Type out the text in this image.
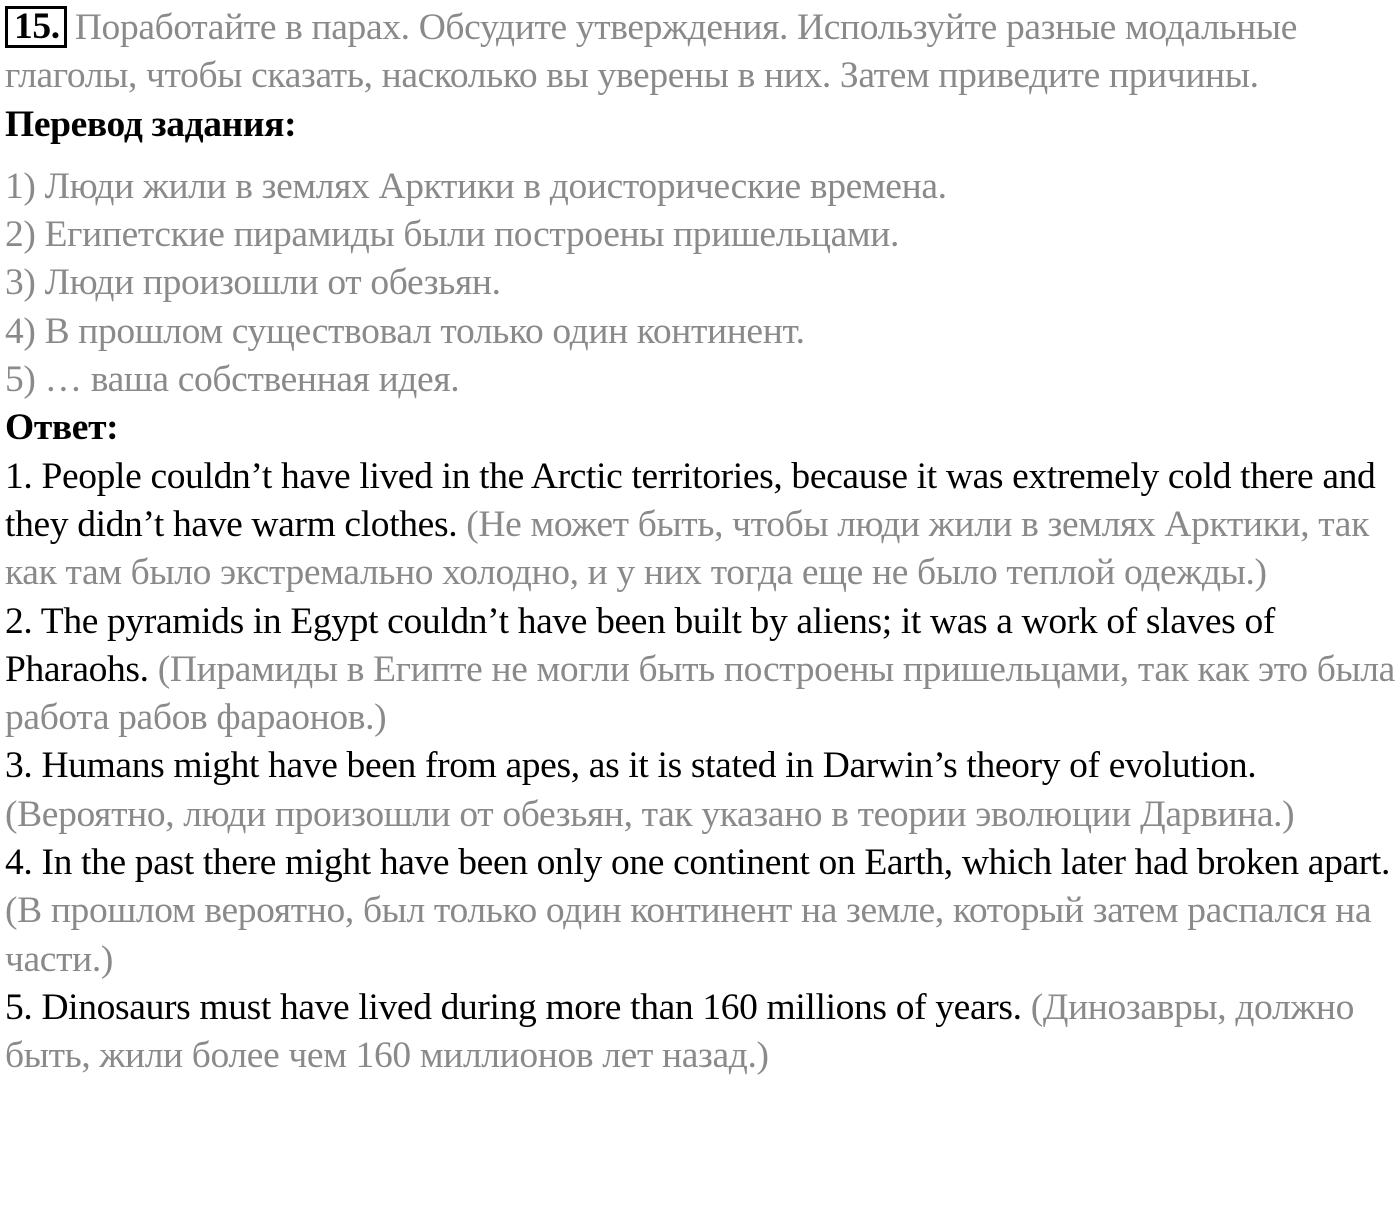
15. Поработайте в парах. Обсудите утверждения. Используйте разные модальные глаголы, чтобы сказать, насколько вы уверены в них. Затем приведите причины.

Перевод задания:

1) Люди жили в землях Арктики в доисторические времена.

2) Египетские пирамиды были построены пришельцами.

3) Люди произошли от обезьян.

4) В прошлом существовал только один континент.

5) … ваша собственная идея.

Ответ:

1. People couldn’t have lived in the Arctic territories, because it was extremely cold there and they didn’t have warm clothes. (Не может быть, чтобы люди жили в землях Арктики, так как там было экстремально холодно, и у них тогда еще не было теплой одежды.)

2. The pyramids in Egypt couldn’t have been built by aliens; it was a work of slaves of Pharaohs. (Пирамиды в Египте не могли быть построены пришельцами, так как это была работа рабов фараонов.)

3. Humans might have been from apes, as it is stated in Darwin’s theory of evolution. (Вероятно, люди произошли от обезьян, так указано в теории эволюции Дарвина.)

4. In the past there might have been only one continent on Earth, which later had broken apart. (В прошлом вероятно, был только один континент на земле, который затем распался на части.)

5. Dinosaurs must have lived during more than 160 millions of years. (Динозавры, должно быть, жили более чем 160 миллионов лет назад.)
